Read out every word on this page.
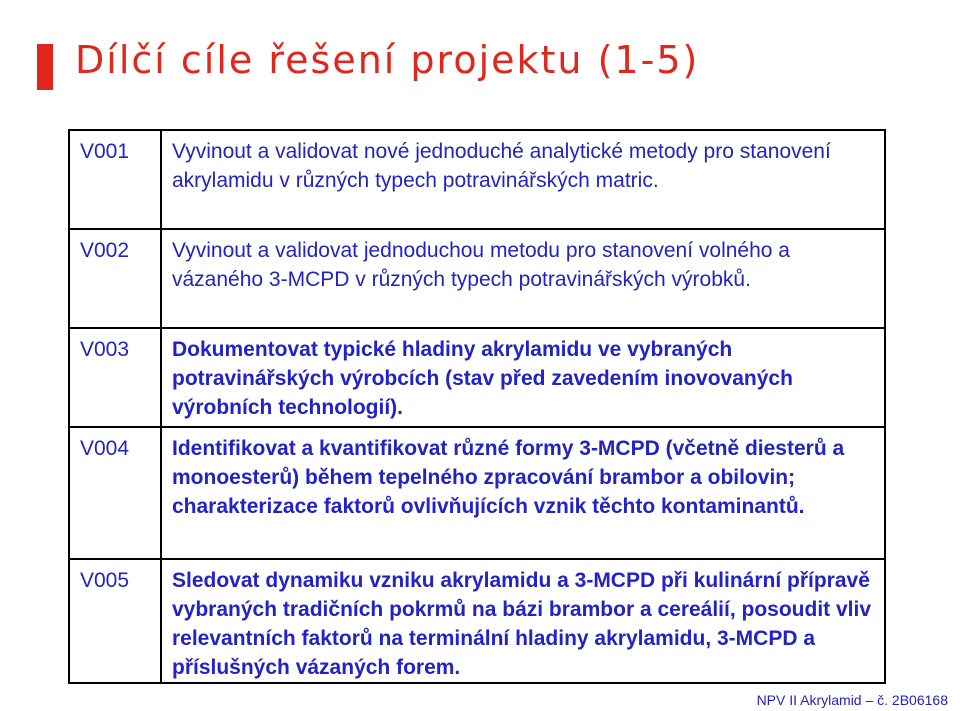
Dílčí cíle řešení projektu (1-5)
V001	Vyvinout a validovat nové jednoduché analytické metody pro stanovení akrylamidu v různých typech potravinářských matric.
V002	Vyvinout a validovat jednoduchou metodu pro stanovení volného a vázaného 3-MCPD v různých typech potravinářských výrobků.
V003	Dokumentovat typické hladiny akrylamidu ve vybraných potravinářských výrobcích (stav před zavedením inovovaných výrobních technologií).
V004	Identifikovat a kvantifikovat různé formy 3-MCPD (včetně diesterů a monoesterů) během tepelného zpracování brambor a obilovin; charakterizace faktorů ovlivňujících vznik těchto kontaminantů.
V005	Sledovat dynamiku vzniku akrylamidu a 3-MCPD při kulinární přípravě vybraných tradičních pokrmů na bázi brambor a cereálií, posoudit vliv relevantních faktorů na terminální hladiny akrylamidu, 3-MCPD a příslušných vázaných forem.
NPV II Akrylamid – č. 2B06168
